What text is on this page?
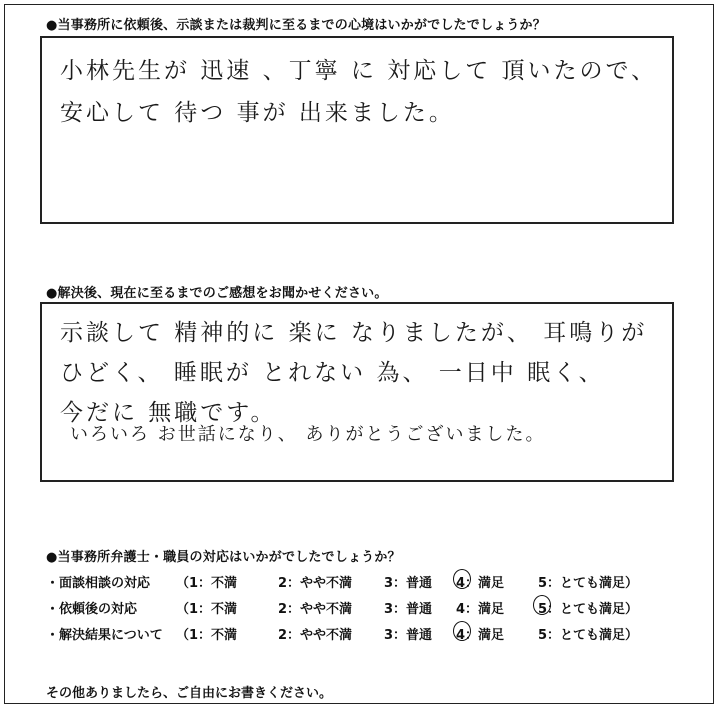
●当事務所に依頼後、示談または裁判に至るまでの心境はいかがでしたでしょうか？
小林先生が 迅速 、丁寧 に 対応して 頂いたので、
安心して 待つ 事が 出来ました。
●解決後、現在に至るまでのご感想をお聞かせください。
示談して 精神的に 楽に なりましたが、 耳鳴りが
ひどく、 睡眠が とれない 為、 一日中 眠く、
今だに 無職です。
いろいろ お世話になり、 ありがとうございました。
●当事務所弁護士・職員の対応はいかがでしたでしょうか？
・面談相談の対応 （1：不満	2：やや不満 3：普通 4：満足	5：とても満足）
・依頼後の対応	（1：不満	2：やや不満 3：普通 4：満足	5：とても満足）
・解決結果について （1：不満	2：やや不満 3：普通 4：満足	5：とても満足）
その他ありましたら、ご自由にお書きください。
